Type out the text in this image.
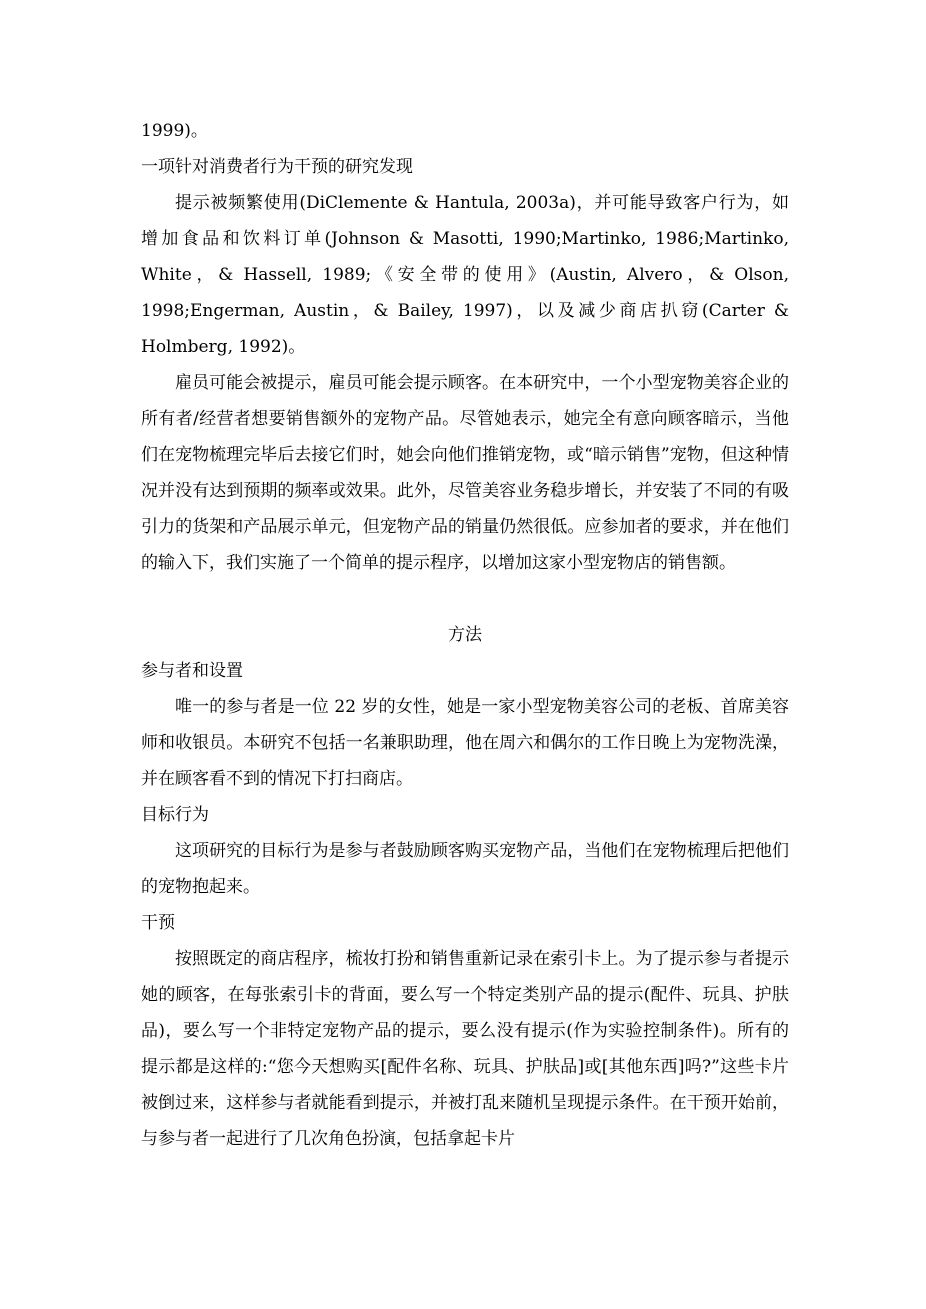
1999)。

一项针对消费者行为干预的研究发现

提示被频繁使用(DiClemente & Hantula, 2003a)，并可能导致客户行为，如增加食品和饮料订单(Johnson & Masotti, 1990;Martinko, 1986;Martinko, White，& Hassell, 1989;《安全带的使用》(Austin, Alvero，& Olson, 1998;Engerman, Austin，& Bailey, 1997)，以及减少商店扒窃(Carter & Holmberg, 1992)。

雇员可能会被提示，雇员可能会提示顾客。在本研究中，一个小型宠物美容企业的所有者/经营者想要销售额外的宠物产品。尽管她表示，她完全有意向顾客暗示，当他们在宠物梳理完毕后去接它们时，她会向他们推销宠物，或“暗示销售”宠物，但这种情况并没有达到预期的频率或效果。此外，尽管美容业务稳步增长，并安装了不同的有吸引力的货架和产品展示单元，但宠物产品的销量仍然很低。应参加者的要求，并在他们的输入下，我们实施了一个简单的提示程序，以增加这家小型宠物店的销售额。

方法

参与者和设置

唯一的参与者是一位 22 岁的女性，她是一家小型宠物美容公司的老板、首席美容师和收银员。本研究不包括一名兼职助理，他在周六和偶尔的工作日晚上为宠物洗澡，并在顾客看不到的情况下打扫商店。

目标行为

这项研究的目标行为是参与者鼓励顾客购买宠物产品，当他们在宠物梳理后把他们的宠物抱起来。

干预

按照既定的商店程序，梳妆打扮和销售重新记录在索引卡上。为了提示参与者提示她的顾客，在每张索引卡的背面，要么写一个特定类别产品的提示(配件、玩具、护肤品)，要么写一个非特定宠物产品的提示，要么没有提示(作为实验控制条件)。所有的提示都是这样的:“您今天想购买[配件名称、玩具、护肤品]或[其他东西]吗?”这些卡片被倒过来，这样参与者就能看到提示，并被打乱来随机呈现提示条件。在干预开始前，与参与者一起进行了几次角色扮演，包括拿起卡片
